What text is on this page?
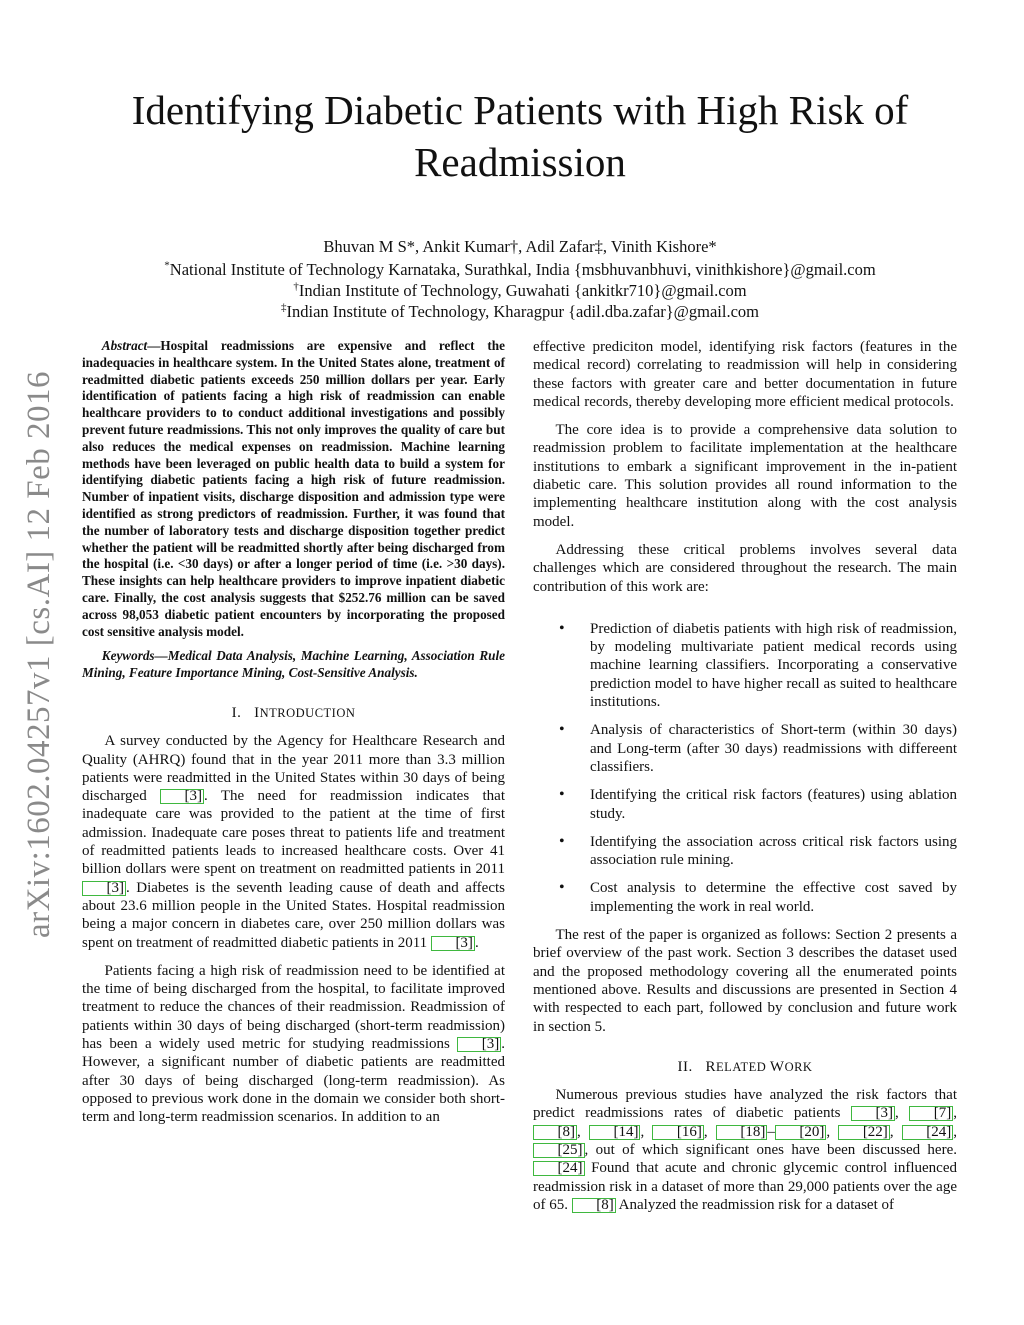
arXiv:1602.04257v1 [cs.AI] 12 Feb 2016
Identifying Diabetic Patients with High Risk of Readmission
Bhuvan M S*, Ankit Kumar†, Adil Zafar‡, Vinith Kishore*
*National Institute of Technology Karnataka, Surathkal, India {msbhuvanbhuvi, vinithkishore}@gmail.com
†Indian Institute of Technology, Guwahati {ankitkr710}@gmail.com
‡Indian Institute of Technology, Kharagpur {adil.dba.zafar}@gmail.com

Abstract—Hospital readmissions are expensive and reflect the inadequacies in healthcare system. In the United States alone, treatment of readmitted diabetic patients exceeds 250 million dollars per year. Early identification of patients facing a high risk of readmission can enable healthcare providers to to conduct additional investigations and possibly prevent future readmissions. This not only improves the quality of care but also reduces the medical expenses on readmission. Machine learning methods have been leveraged on public health data to build a system for identifying diabetic patients facing a high risk of future readmission. Number of inpatient visits, discharge disposition and admission type were identified as strong predictors of readmission. Further, it was found that the number of laboratory tests and discharge disposition together predict whether the patient will be readmitted shortly after being discharged from the hospital (i.e. <30 days) or after a longer period of time (i.e. >30 days). These insights can help healthcare providers to improve inpatient diabetic care. Finally, the cost analysis suggests that $252.76 million can be saved across 98,053 diabetic patient encounters by incorporating the proposed cost sensitive analysis model.

Keywords—Medical Data Analysis, Machine Learning, Association Rule Mining, Feature Importance Mining, Cost-Sensitive Analysis.

I. INTRODUCTION

A survey conducted by the Agency for Healthcare Research and Quality (AHRQ) found that in the year 2011 more than 3.3 million patients were readmitted in the United States within 30 days of being discharged [3] . The need for readmission indicates that inadequate care was provided to the patient at the time of first admission. Inadequate care poses threat to patients life and treatment of readmitted patients leads to increased healthcare costs. Over 41 billion dollars were spent on treatment on readmitted patients in 2011 [3] . Diabetes is the seventh leading cause of death and affects about 23.6 million people in the United States. Hospital readmission being a major concern in diabetes care, over 250 million dollars was spent on treatment of readmitted diabetic patients in 2011 [3] .

Patients facing a high risk of readmission need to be identified at the time of being discharged from the hospital, to facilitate improved treatment to reduce the chances of their readmission. Readmission of patients within 30 days of being discharged (short-term readmission) has been a widely used metric for studying readmissions [3] . However, a significant number of diabetic patients are readmitted after 30 days of being discharged (long-term readmission). As opposed to previous work done in the domain we consider both short-term and long-term readmission scenarios. In addition to an

effective prediciton model, identifying risk factors (features in the medical record) correlating to readmission will help in considering these factors with greater care and better documentation in future medical records, thereby developing more efficient medical protocols.

The core idea is to provide a comprehensive data solution to readmission problem to facilitate implementation at the healthcare institutions to embark a significant improvement in the in-patient diabetic care. This solution provides all round information to the implementing healthcare institution along with the cost analysis model.

Addressing these critical problems involves several data challenges which are considered throughout the research. The main contribution of this work are:

• Prediction of diabetis patients with high risk of readmission, by modeling multivariate patient medical records using machine learning classifiers. Incorporating a conservative prediction model to have higher recall as suited to healthcare institutions.
• Analysis of characteristics of Short-term (within 30 days) and Long-term (after 30 days) readmissions with differeent classifiers.
• Identifying the critical risk factors (features) using ablation study.
• Identifying the association across critical risk factors using association rule mining.
• Cost analysis to determine the effective cost saved by implementing the work in real world.

The rest of the paper is organized as follows: Section 2 presents a brief overview of the past work. Section 3 describes the dataset used and the proposed methodology covering all the enumerated points mentioned above. Results and discussions are presented in Section 4 with respected to each part, followed by conclusion and future work in section 5.

II. RELATED WORK

Numerous previous studies have analyzed the risk factors that predict readmissions rates of diabetic patients [3] , [7] , [8] , [14] , [16] , [18] – [20] , [22] , [24] , [25] , out of which significant ones have been discussed here. [24] Found that acute and chronic glycemic control influenced readmission risk in a dataset of more than 29,000 patients over the age of 65. [8] Analyzed the readmission risk for a dataset of
